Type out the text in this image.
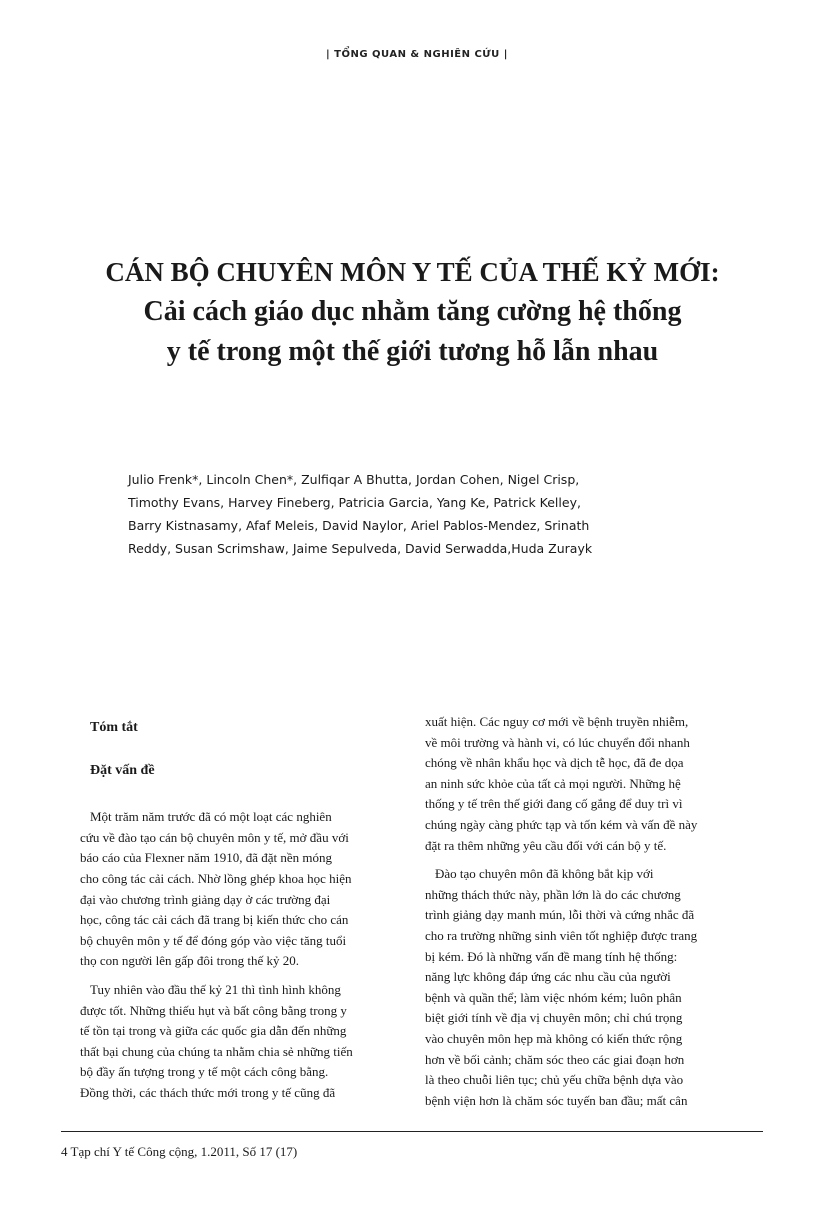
| TỔNG QUAN & NGHIÊN CỨU |

CÁN BỘ CHUYÊN MÔN Y TẾ CỦA THẾ KỶ MỚI:

Cải cách giáo dục nhằm tăng cường hệ thống

y tế trong một thế giới tương hỗ lẫn nhau

Julio Frenk*, Lincoln Chen*, Zulfiqar A Bhutta, Jordan Cohen, Nigel Crisp,
Timothy Evans, Harvey Fineberg, Patricia Garcia, Yang Ke, Patrick Kelley,
Barry Kistnasamy, Afaf Meleis, David Naylor, Ariel Pablos-Mendez, Srinath
Reddy, Susan Scrimshaw, Jaime Sepulveda, David Serwadda,Huda Zurayk

Tóm tắt

Đặt vấn đề

Một trăm năm trước đã có một loạt các nghiên
cứu về đào tạo cán bộ chuyên môn y tế, mở đầu với
báo cáo của Flexner năm 1910, đã đặt nền móng
cho công tác cải cách. Nhờ lồng ghép khoa học hiện
đại vào chương trình giảng dạy ở các trường đại
học, công tác cải cách đã trang bị kiến thức cho cán
bộ chuyên môn y tế để đóng góp vào việc tăng tuổi
thọ con người lên gấp đôi trong thế kỷ 20.
Tuy nhiên vào đầu thế kỷ 21 thì tình hình không
được tốt. Những thiếu hụt và bất công bằng trong y
tế tồn tại trong và giữa các quốc gia dẫn đến những
thất bại chung của chúng ta nhằm chia sẻ những tiến
bộ đầy ấn tượng trong y tế một cách công bằng.
Đồng thời, các thách thức mới trong y tế cũng đã
xuất hiện. Các nguy cơ mới về bệnh truyền nhiễm,
về môi trường và hành vi, có lúc chuyển đổi nhanh
chóng về nhân khẩu học và dịch tễ học, đã đe dọa
an ninh sức khỏe của tất cả mọi người. Những hệ
thống y tế trên thế giới đang cố gắng để duy trì vì
chúng ngày càng phức tạp và tốn kém và vấn đề này
đặt ra thêm những yêu cầu đối với cán bộ y tế.
Đào tạo chuyên môn đã không bắt kịp với
những thách thức này, phần lớn là do các chương
trình giảng dạy manh mún, lỗi thời và cứng nhắc đã
cho ra trường những sinh viên tốt nghiệp được trang
bị kém. Đó là những vấn đề mang tính hệ thống:
năng lực không đáp ứng các nhu cầu của người
bệnh và quần thể; làm việc nhóm kém; luôn phân
biệt giới tính về địa vị chuyên môn; chỉ chú trọng
vào chuyên môn hẹp mà không có kiến thức rộng
hơn về bối cảnh; chăm sóc theo các giai đoạn hơn
là theo chuỗi liên tục; chủ yếu chữa bệnh dựa vào
bệnh viện hơn là chăm sóc tuyến ban đầu; mất cân
4 Tạp chí Y tế Công cộng, 1.2011, Số 17 (17)
